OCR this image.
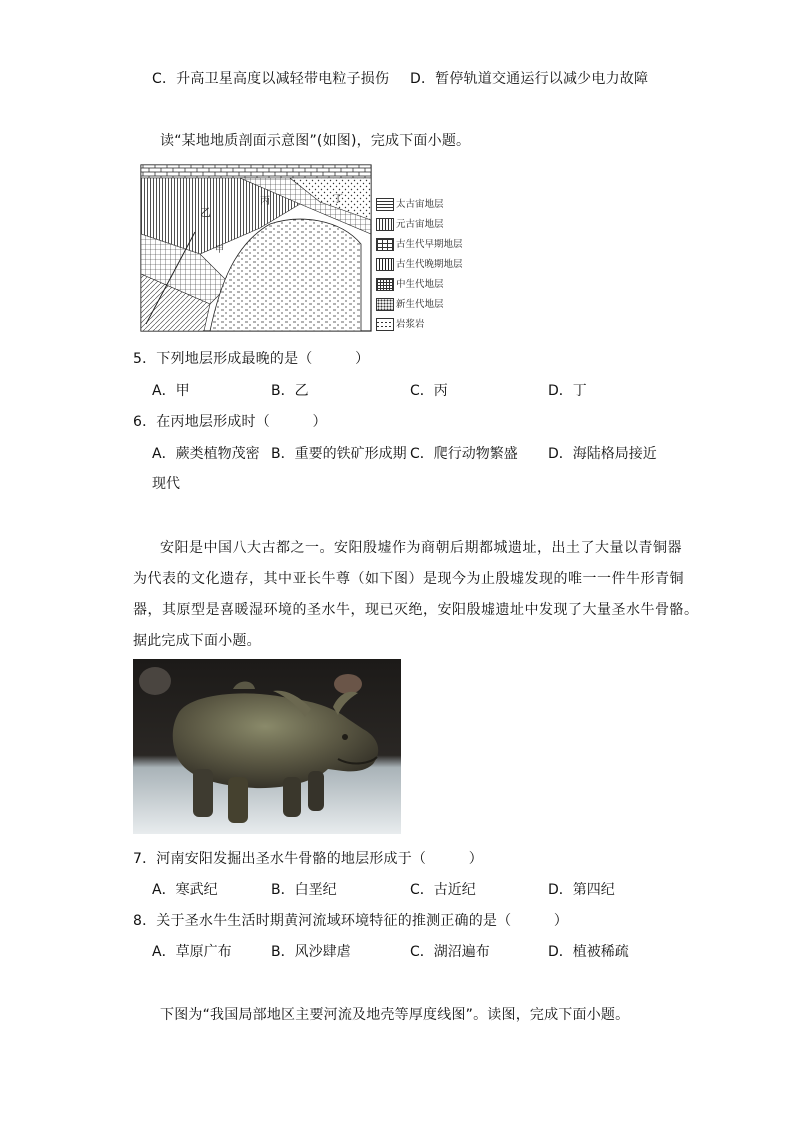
C．升高卫星高度以减轻带电粒子损伤 D．暂停轨道交通运行以减少电力故障
读“某地地质剖面示意图”(如图)，完成下面小题。
乙
丙	丁
甲
太古宙地层
元古宙地层
古生代早期地层
古生代晚期地层
中生代地层
新生代地层
岩浆岩
5．下列地层形成最晚的是（　　　）
A．甲	B．乙	C．丙	D．丁
6．在丙地层形成时（　　　）
A．蕨类植物茂密 B．重要的铁矿形成期 C．爬行动物繁盛 D．海陆格局接近
现代
安阳是中国八大古都之一。安阳殷墟作为商朝后期都城遗址，出土了大量以青铜器
为代表的文化遗存，其中亚长牛尊（如下图）是现今为止殷墟发现的唯一一件牛形青铜
器，其原型是喜暖湿环境的圣水牛，现已灭绝，安阳殷墟遗址中发现了大量圣水牛骨骼。
据此完成下面小题。
7．河南安阳发掘出圣水牛骨骼的地层形成于（　　　）
A．寒武纪	B．白垩纪	C．古近纪	D．第四纪
8．关于圣水牛生活时期黄河流域环境特征的推测正确的是（　　　）
A．草原广布	B．风沙肆虐	C．湖沼遍布	D．植被稀疏
下图为“我国局部地区主要河流及地壳等厚度线图”。读图，完成下面小题。
